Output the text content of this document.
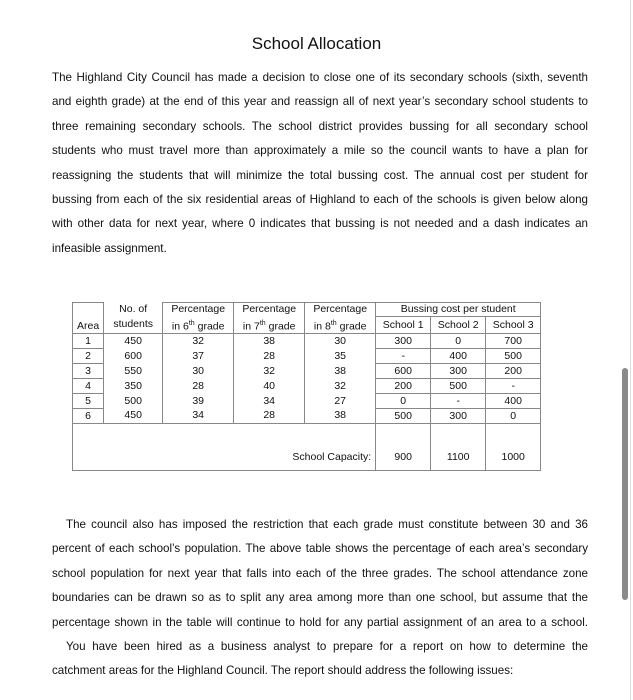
School Allocation
The Highland City Council has made a decision to close one of its secondary schools (sixth, seventh
and eighth grade) at the end of this year and reassign all of next year’s secondary school students to
three remaining secondary schools. The school district provides bussing for all secondary school
students who must travel more than approximately a mile so the council wants to have a plan for
reassigning the students that will minimize the total bussing cost. The annual cost per student for
bussing from each of the six residential areas of Highland to each of the schools is given below along
with other data for next year, where 0 indicates that bussing is not needed and a dash indicates an
infeasible assignment.
Area	No. of	Percentage	Percentage	Percentage	Bussing cost per student		
	students	in 6th grade	in 7th grade	in 8th grade	School 1	School 2	School 3
1	450	32	38	30	300	0	700
2	600	37	28	35	-	400	500
3	550	30	32	38	600	300	200
4	350	28	40	32	200	500	-
5	500	39	34	27	0	-	400
6	450	34	28	38	500	300	0
School Capacity:					900	1100	1000
The council also has imposed the restriction that each grade must constitute between 30 and 36
percent of each school’s population. The above table shows the percentage of each area’s secondary
school population for next year that falls into each of the three grades. The school attendance zone
boundaries can be drawn so as to split any area among more than one school, but assume that the
percentage shown in the table will continue to hold for any partial assignment of an area to a school.
You have been hired as a business analyst to prepare for a report on how to determine the
catchment areas for the Highland Council. The report should address the following issues:
